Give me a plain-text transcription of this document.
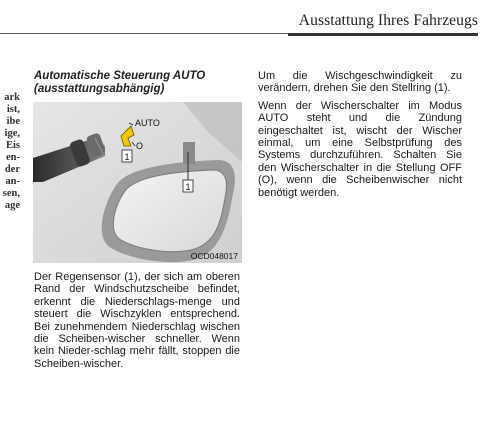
Ausstattung Ihres Fahrzeugs
ark
ist,
ibe
ige,
Eis
en-
der
an-
sen,
age
Automatische Steuerung AUTO (ausstattungsabhängig)
1
AUTO
O
1
OCD048017

Der Regensensor (1), der sich am oberen Rand der Windschutzscheibe befindet, erkennt die Niederschlags-menge und steuert die Wischzyklen entsprechend. Bei zunehmendem Niederschlag wischen die Scheiben-wischer schneller. Wenn kein Nieder-schlag mehr fällt, stoppen die Scheiben-wischer.

Um die Wischgeschwindigkeit zu verändern, drehen Sie den Stellring (1).

Wenn der Wischerschalter im Modus AUTO steht und die Zündung eingeschaltet ist, wischt der Wischer einmal, um eine Selbstprüfung des Systems durchzuführen. Schalten Sie den Wischerschalter in die Stellung OFF (O), wenn die Scheibenwischer nicht benötigt werden.
